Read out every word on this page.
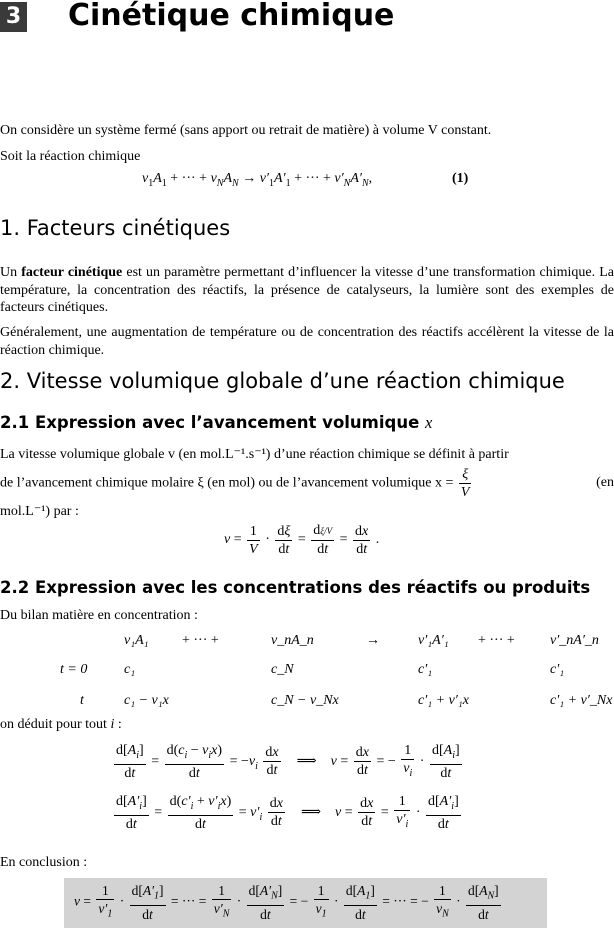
3 Cinétique chimique

On considère un système fermé (sans apport ou retrait de matière) à volume V constant.

Soit la réaction chimique

$\nu_1A_1$ + ··· + $\nu_NA_N \to \nu'_1A'_1$ + ··· + $\nu'_NA'_N$,	(1)
1. Facteurs cinétiques

Un facteur cinétique est un paramètre permettant d’influencer la vitesse d’une transformation chimique. La température, la concentration des réactifs, la présence de catalyseurs, la lumière sont des exemples de facteurs cinétiques.

Généralement, une augmentation de température ou de concentration des réactifs accélèrent la vitesse de la réaction chimique.

2. Vitesse volumique globale d’une réaction chimique
2.1 Expression avec l’avancement volumique x

La vitesse volumique globale v (en mol.L⁻¹.s⁻¹) d’une réaction chimique se définit à partir

de l’avancement chimique molaire ξ (en mol) ou de l’avancement volumique $x = \frac{\xi}{V}$	(en

mol.L⁻¹) par :

$v = \frac{1}{V} \cdot \frac{d\xi}{dt} = \frac{d\xi/V}{dt} = \frac{dx}{dt}$ .
2.2 Expression avec les concentrations des réactifs ou produits

Du bilan matière en concentration :

	ν₁A₁	+ ··· +	ν_nA_n	→	ν′₁A′₁	+ ··· +	ν′_nA′_n
t = 0	c₁		c_N		c′₁		c′₁
t	c₁ − ν₁x		c_N − ν_Nx		c′₁ + ν′₁x		c′₁ + ν′_Nx
on déduit pour tout i :
$\frac{d[A_i]}{dt} = \frac{d(c_i - \nu_ix)}{dt} = -\nu_i \frac{dx}{dt}$ ⟹    $v = \frac{dx}{dt}$ = − $\frac{1}{\nu_i} \cdot \frac{d[A_i]}{dt}$
$\frac{d[A'_i]}{dt} = \frac{d(c'_i + \nu'_ix)}{dt} = \nu'_i \frac{dx}{dt}$ ⟹    $v = \frac{dx}{dt} = \frac{1}{\nu'_i} \cdot \frac{d[A'_i]}{dt}$

En conclusion :

$v = \frac{1}{\nu'_1} \cdot \frac{d[A'_1]}{dt}$ = ··· = $\frac{1}{\nu'_N} \cdot \frac{d[A'_N]}{dt}$ = − $\frac{1}{\nu_1} \cdot \frac{d[A_1]}{dt}$ = ··· = − $\frac{1}{\nu_N} \cdot \frac{d[A_N]}{dt}$
